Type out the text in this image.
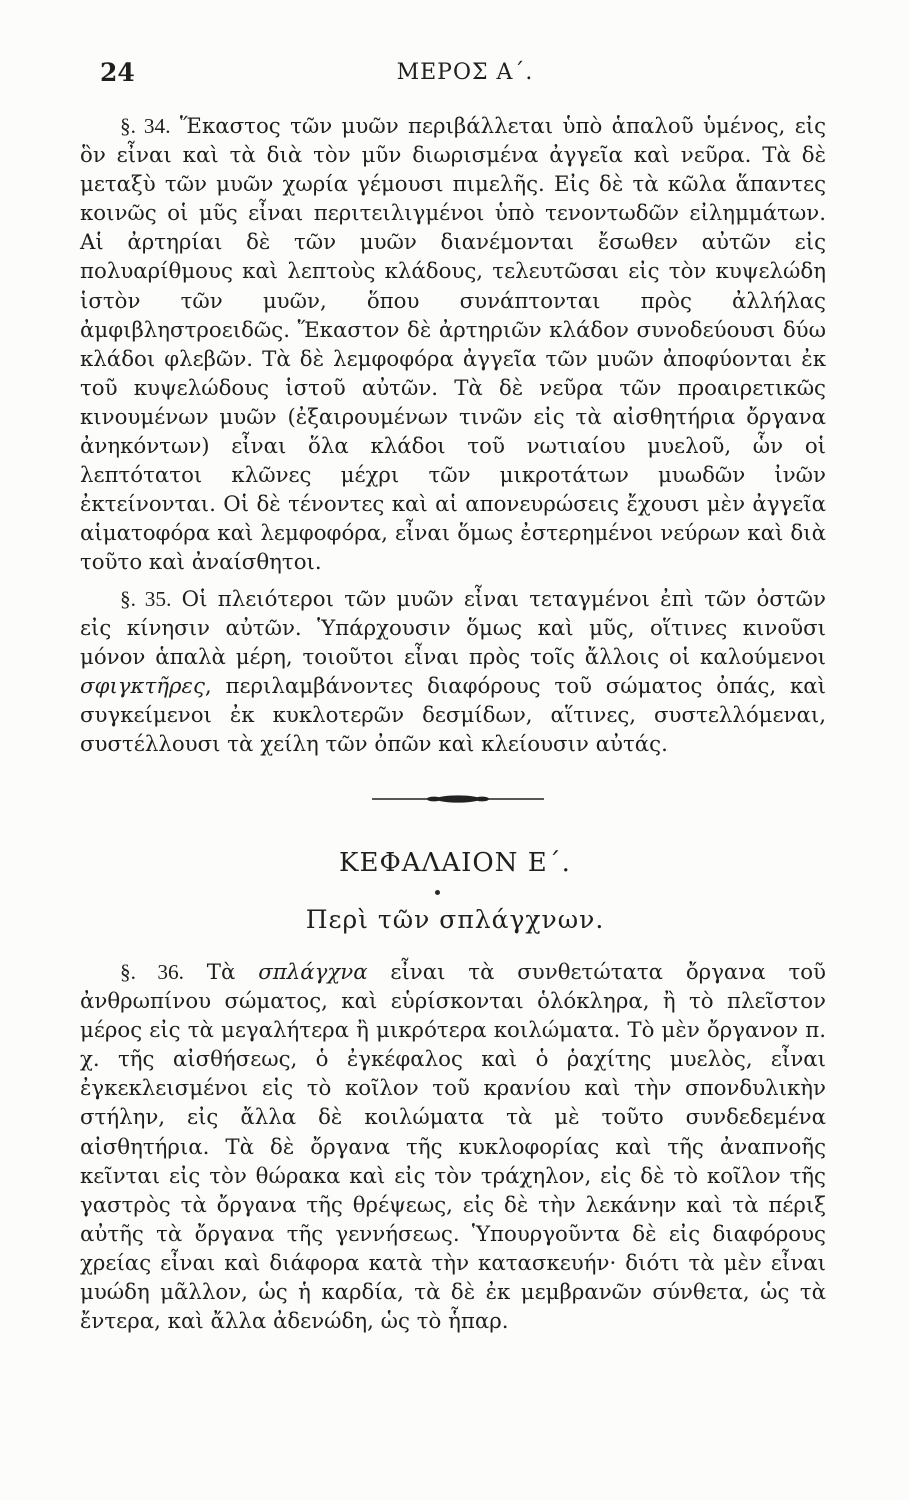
24	ΜΕΡΟΣ Α΄.

§. 34. Ἕκαστος τῶν μυῶν περιβάλλεται ὑπὸ ἁπαλοῦ ὑμένος, εἰς ὃν εἶναι καὶ τὰ διὰ τὸν μῦν διωρισμένα ἀγγεῖα καὶ νεῦρα. Τὰ δὲ μεταξὺ τῶν μυῶν χωρία γέμουσι πιμελῆς. Εἰς δὲ τὰ κῶλα ἅπαντες κοινῶς οἱ μῦς εἶναι περιτειλιγμένοι ὑπὸ τενοντωδῶν εἰλημμάτων. Αἱ ἀρτηρίαι δὲ τῶν μυῶν διανέμονται ἔσωθεν αὐτῶν εἰς πολυαρίθμους καὶ λεπτοὺς κλάδους, τελευτῶσαι εἰς τὸν κυψελώδη ἱστὸν τῶν μυῶν, ὅπου συνάπτονται πρὸς ἀλλήλας ἀμφιβληστροειδῶς. Ἕκαστον δὲ ἀρτηριῶν κλάδον συνοδεύουσι δύω κλάδοι φλεβῶν. Τὰ δὲ λεμφοφόρα ἀγγεῖα τῶν μυῶν ἀποφύονται ἐκ τοῦ κυψελώδους ἱστοῦ αὐτῶν. Τὰ δὲ νεῦρα τῶν προαιρετικῶς κινουμένων μυῶν (ἐξαιρουμένων τινῶν εἰς τὰ αἰσθητήρια ὄργανα ἀνηκόντων) εἶναι ὅλα κλάδοι τοῦ νωτιαίου μυελοῦ, ὧν οἱ λεπτότατοι κλῶνες μέχρι τῶν μικροτάτων μυωδῶν ἰνῶν ἐκτείνονται. Οἱ δὲ τένοντες καὶ αἱ απονευρώσεις ἔχουσι μὲν ἀγγεῖα αἱματοφόρα καὶ λεμφοφόρα, εἶναι ὅμως ἐστερημένοι νεύρων καὶ διὰ τοῦτο καὶ ἀναίσθητοι.

§. 35. Οἱ πλειότεροι τῶν μυῶν εἶναι τεταγμένοι ἐπὶ τῶν ὀστῶν εἰς κίνησιν αὐτῶν. Ὑπάρχουσιν ὅμως καὶ μῦς, οἵτινες κινοῦσι μόνον ἁπαλὰ μέρη, τοιοῦτοι εἶναι πρὸς τοῖς ἄλλοις οἱ καλούμενοι σφιγκτῆρες, περιλαμβάνοντες διαφόρους τοῦ σώματος ὀπάς, καὶ συγκείμενοι ἐκ κυκλοτερῶν δεσμίδων, αἵτινες, συστελλόμεναι, συστέλλουσι τὰ χείλη τῶν ὀπῶν καὶ κλείουσιν αὐτάς.

ΚΕΦΑΛΑΙΟΝ Ε΄.
Περὶ τῶν σπλάγχνων.

§. 36. Τὰ σπλάγχνα εἶναι τὰ συνθετώτατα ὄργανα τοῦ ἀνθρωπίνου σώματος, καὶ εὑρίσκονται ὁλόκληρα, ἢ τὸ πλεῖστον μέρος εἰς τὰ μεγαλήτερα ἢ μικρότερα κοιλώματα. Τὸ μὲν ὄργανον π. χ. τῆς αἰσθήσεως, ὁ ἐγκέφαλος καὶ ὁ ῥαχίτης μυελὸς, εἶναι ἐγκεκλεισμένοι εἰς τὸ κοῖλον τοῦ κρανίου καὶ τὴν σπονδυλικὴν στήλην, εἰς ἄλλα δὲ κοιλώματα τὰ μὲ τοῦτο συνδεδεμένα αἰσθητήρια. Τὰ δὲ ὄργανα τῆς κυκλοφορίας καὶ τῆς ἀναπνοῆς κεῖνται εἰς τὸν θώρακα καὶ εἰς τὸν τράχηλον, εἰς δὲ τὸ κοῖλον τῆς γαστρὸς τὰ ὄργανα τῆς θρέψεως, εἰς δὲ τὴν λεκάνην καὶ τὰ πέριξ αὐτῆς τὰ ὄργανα τῆς γεννήσεως. Ὑπουργοῦντα δὲ εἰς διαφόρους χρείας εἶναι καὶ διάφορα κατὰ τὴν κατασκευήν· διότι τὰ μὲν εἶναι μυώδη μᾶλλον, ὡς ἡ καρδία, τὰ δὲ ἐκ μεμβρανῶν σύνθετα, ὡς τὰ ἔντερα, καὶ ἄλλα ἀδενώδη, ὡς τὸ ἧπαρ.
